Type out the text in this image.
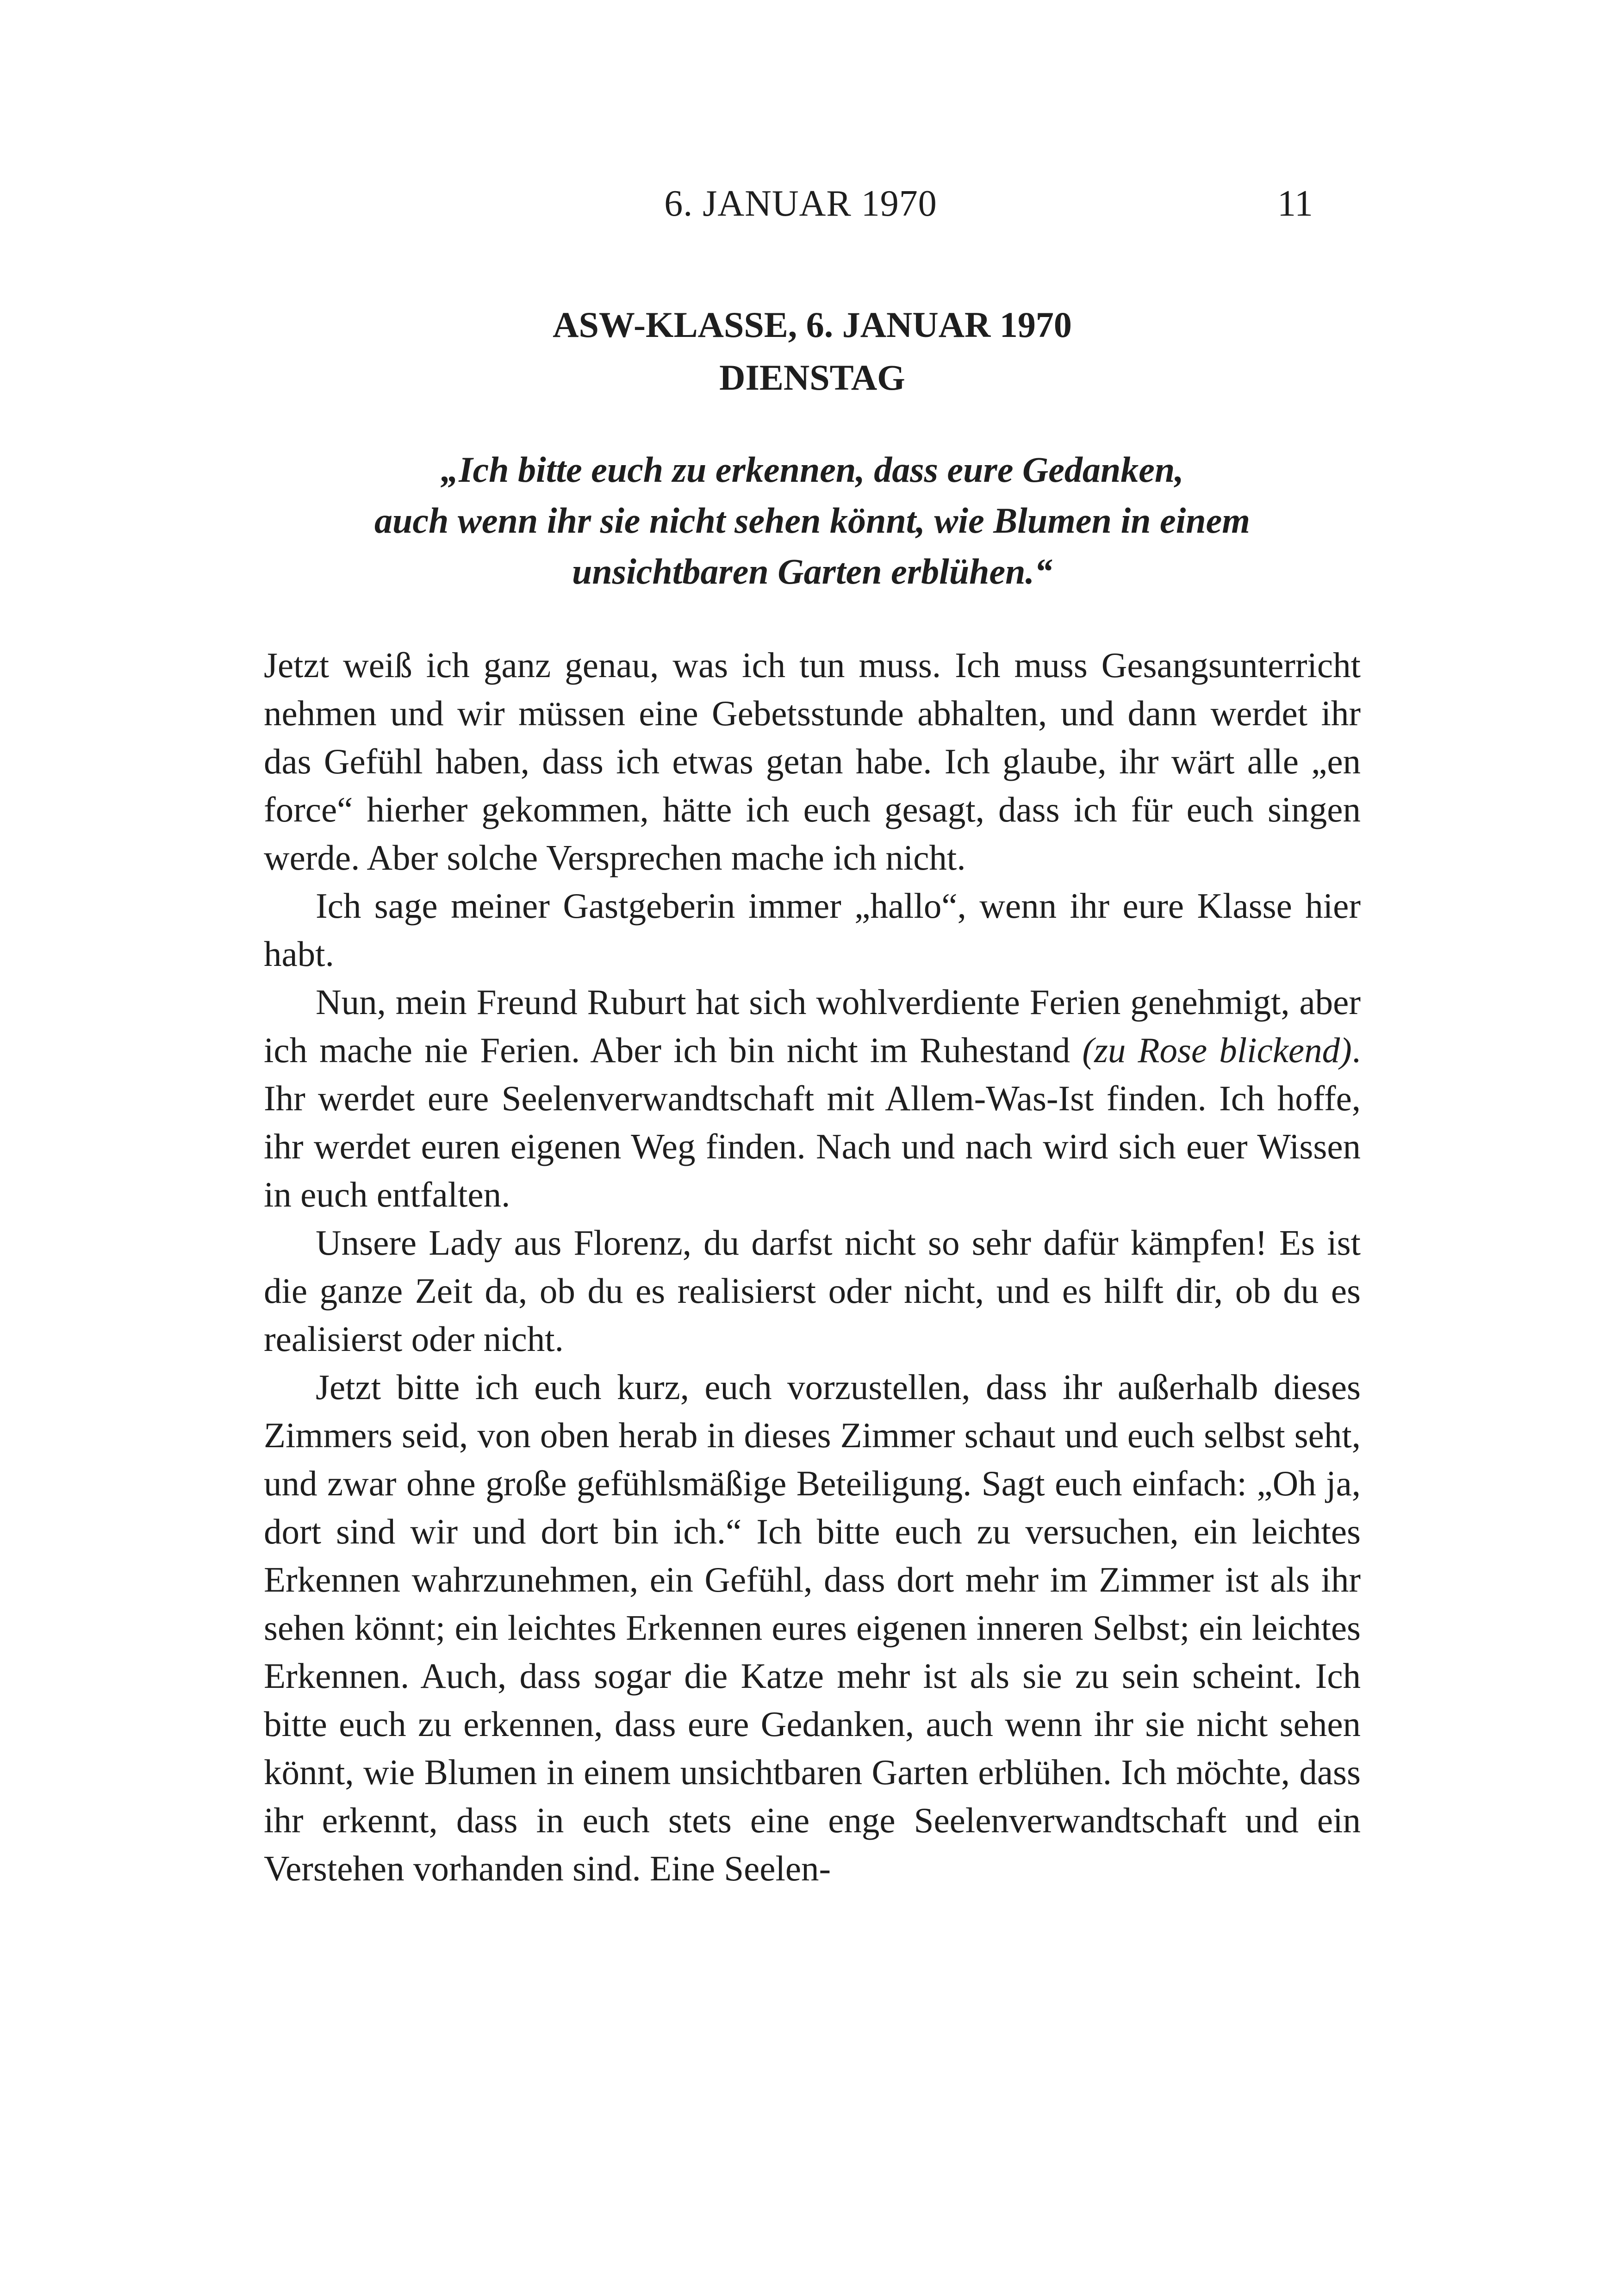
6. JANUAR 1970	11
ASW-KLASSE, 6. JANUAR 1970
DIENSTAG
„Ich bitte euch zu erkennen, dass eure Gedanken,
auch wenn ihr sie nicht sehen könnt, wie Blumen in einem
unsichtbaren Garten erblühen.“

Jetzt weiß ich ganz genau, was ich tun muss. Ich muss Gesangsunterricht nehmen und wir müssen eine Gebetsstunde abhalten, und dann werdet ihr das Gefühl haben, dass ich etwas getan habe. Ich glaube, ihr wärt alle „en force“ hierher gekommen, hätte ich euch gesagt, dass ich für euch singen werde. Aber solche Versprechen mache ich nicht.

Ich sage meiner Gastgeberin immer „hallo“, wenn ihr eure Klasse hier habt.

Nun, mein Freund Ruburt hat sich wohlverdiente Ferien genehmigt, aber ich mache nie Ferien. Aber ich bin nicht im Ruhestand (zu Rose blickend). Ihr werdet eure Seelenverwandtschaft mit Allem-Was-Ist finden. Ich hoffe, ihr werdet euren eigenen Weg finden. Nach und nach wird sich euer Wissen in euch entfalten.

Unsere Lady aus Florenz, du darfst nicht so sehr dafür kämpfen! Es ist die ganze Zeit da, ob du es realisierst oder nicht, und es hilft dir, ob du es realisierst oder nicht.

Jetzt bitte ich euch kurz, euch vorzustellen, dass ihr außerhalb dieses Zimmers seid, von oben herab in dieses Zimmer schaut und euch selbst seht, und zwar ohne große gefühlsmäßige Beteiligung. Sagt euch einfach: „Oh ja, dort sind wir und dort bin ich.“ Ich bitte euch zu versuchen, ein leichtes Erkennen wahrzunehmen, ein Gefühl, dass dort mehr im Zimmer ist als ihr sehen könnt; ein leichtes Erkennen eures eigenen inneren Selbst; ein leichtes Erkennen. Auch, dass sogar die Katze mehr ist als sie zu sein scheint. Ich bitte euch zu erkennen, dass eure Gedanken, auch wenn ihr sie nicht sehen könnt, wie Blumen in einem unsichtbaren Garten erblühen. Ich möchte, dass ihr erkennt, dass in euch stets eine enge Seelenverwandtschaft und ein Verstehen vorhanden sind. Eine Seelen-
